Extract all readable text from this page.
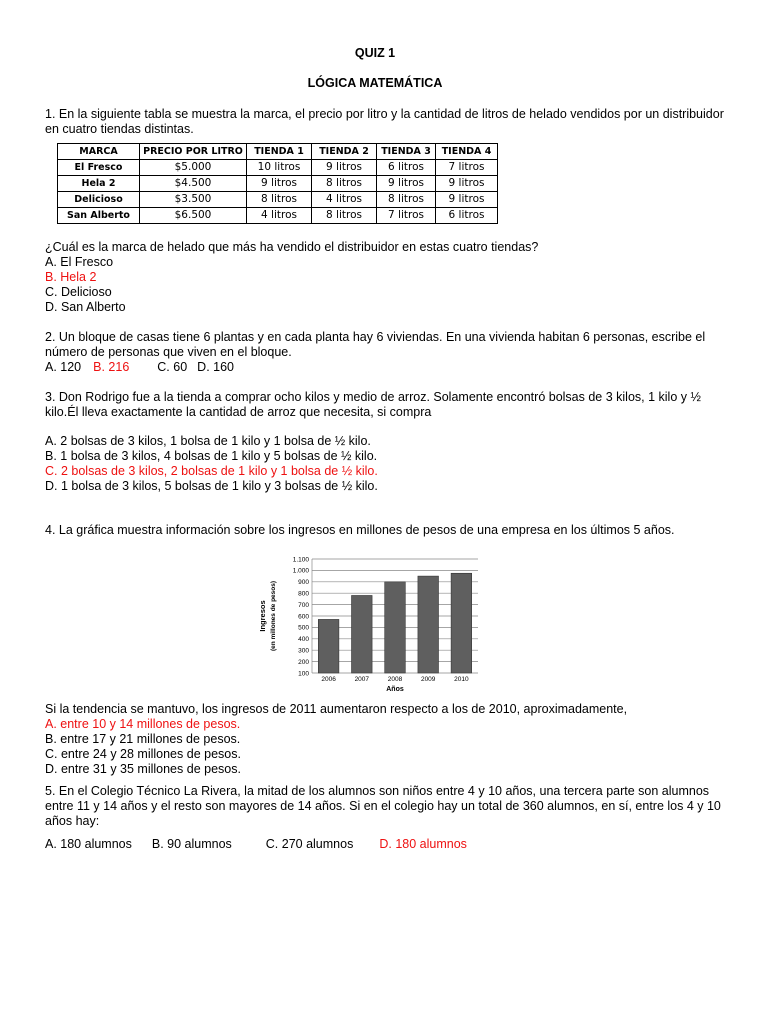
QUIZ 1
LÓGICA MATEMÁTICA

1. En la siguiente tabla se muestra la marca, el precio por litro y la cantidad de litros de helado vendidos por un distribuidor en cuatro tiendas distintas.

MARCA	PRECIO POR LITRO	TIENDA 1	TIENDA 2	TIENDA 3	TIENDA 4
El Fresco	$5.000	10 litros	9 litros	6 litros	7 litros
Hela 2	$4.500	9 litros	8 litros	9 litros	9 litros
Delicioso	$3.500	8 litros	4 litros	8 litros	9 litros
San Alberto	$6.500	4 litros	8 litros	7 litros	6 litros

¿Cuál es la marca de helado que más ha vendido el distribuidor en estas cuatro tiendas?

A. El Fresco

B. Hela 2

C. Delicioso

D. San Alberto

2. Un bloque de casas tiene 6 plantas y en cada planta hay 6 viviendas. En una vivienda habitan 6 personas, escribe el número de personas que viven en el bloque.

A. 120 B. 216 C. 60 D. 160

3. Don Rodrigo fue a la tienda a comprar ocho kilos y medio de arroz. Solamente encontró bolsas de 3 kilos, 1 kilo y ½ kilo.Él lleva exactamente la cantidad de arroz que necesita, si compra

A. 2 bolsas de 3 kilos, 1 bolsa de 1 kilo y 1 bolsa de ½ kilo.

B. 1 bolsa de 3 kilos, 4 bolsas de 1 kilo y 5 bolsas de ½ kilo.

C. 2 bolsas de 3 kilos, 2 bolsas de 1 kilo y 1 bolsa de ½ kilo.

D. 1 bolsa de 3 kilos, 5 bolsas de 1 kilo y 3 bolsas de ½ kilo.

4. La gráfica muestra información sobre los ingresos en millones de pesos de una empresa en los últimos 5 años.

100
200
300
400
500
600
700
800
900
1.000
1.100
2006	2007	2008	2009	2010
Años
Ingresos (en millones de pesos)

Si la tendencia se mantuvo, los ingresos de 2011 aumentaron respecto a los de 2010, aproximadamente,

A. entre 10 y 14 millones de pesos.

B. entre 17 y 21 millones de pesos.

C. entre 24 y 28 millones de pesos.

D. entre 31 y 35 millones de pesos.

5. En el Colegio Técnico La Rivera, la mitad de los alumnos son niños entre 4 y 10 años, una tercera parte son alumnos entre 11 y 14 años y el resto son mayores de 14 años. Si en el colegio hay un total de 360 alumnos, en sí, entre los 4 y 10 años hay:

A. 180 alumnos B. 90 alumnos	C. 270 alumnos D. 180 alumnos
